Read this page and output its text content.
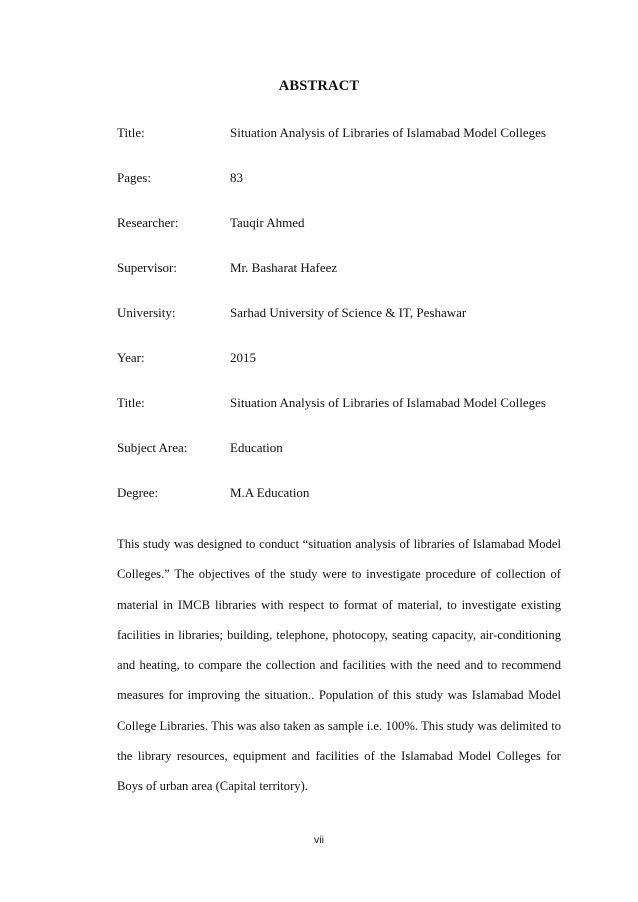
ABSTRACT
Title:	Situation Analysis of Libraries of Islamabad Model Colleges
Pages:	83
Researcher:	Tauqir Ahmed
Supervisor:	Mr. Basharat Hafeez
University:	Sarhad University of Science & IT, Peshawar
Year:	2015
Title:	Situation Analysis of Libraries of Islamabad Model Colleges
Subject Area:	Education
Degree:	M.A Education

This study was designed to conduct “situation analysis of libraries of Islamabad Model Colleges.” The objectives of the study were to investigate procedure of collection of material in IMCB libraries with respect to format of material, to investigate existing facilities in libraries; building, telephone, photocopy, seating capacity, air-conditioning and heating, to compare the collection and facilities with the need and to recommend measures for improving the situation.. Population of this study was Islamabad Model College Libraries. This was also taken as sample i.e. 100%. This study was delimited to the library resources, equipment and facilities of the Islamabad Model Colleges for Boys of urban area (Capital territory).

vii
